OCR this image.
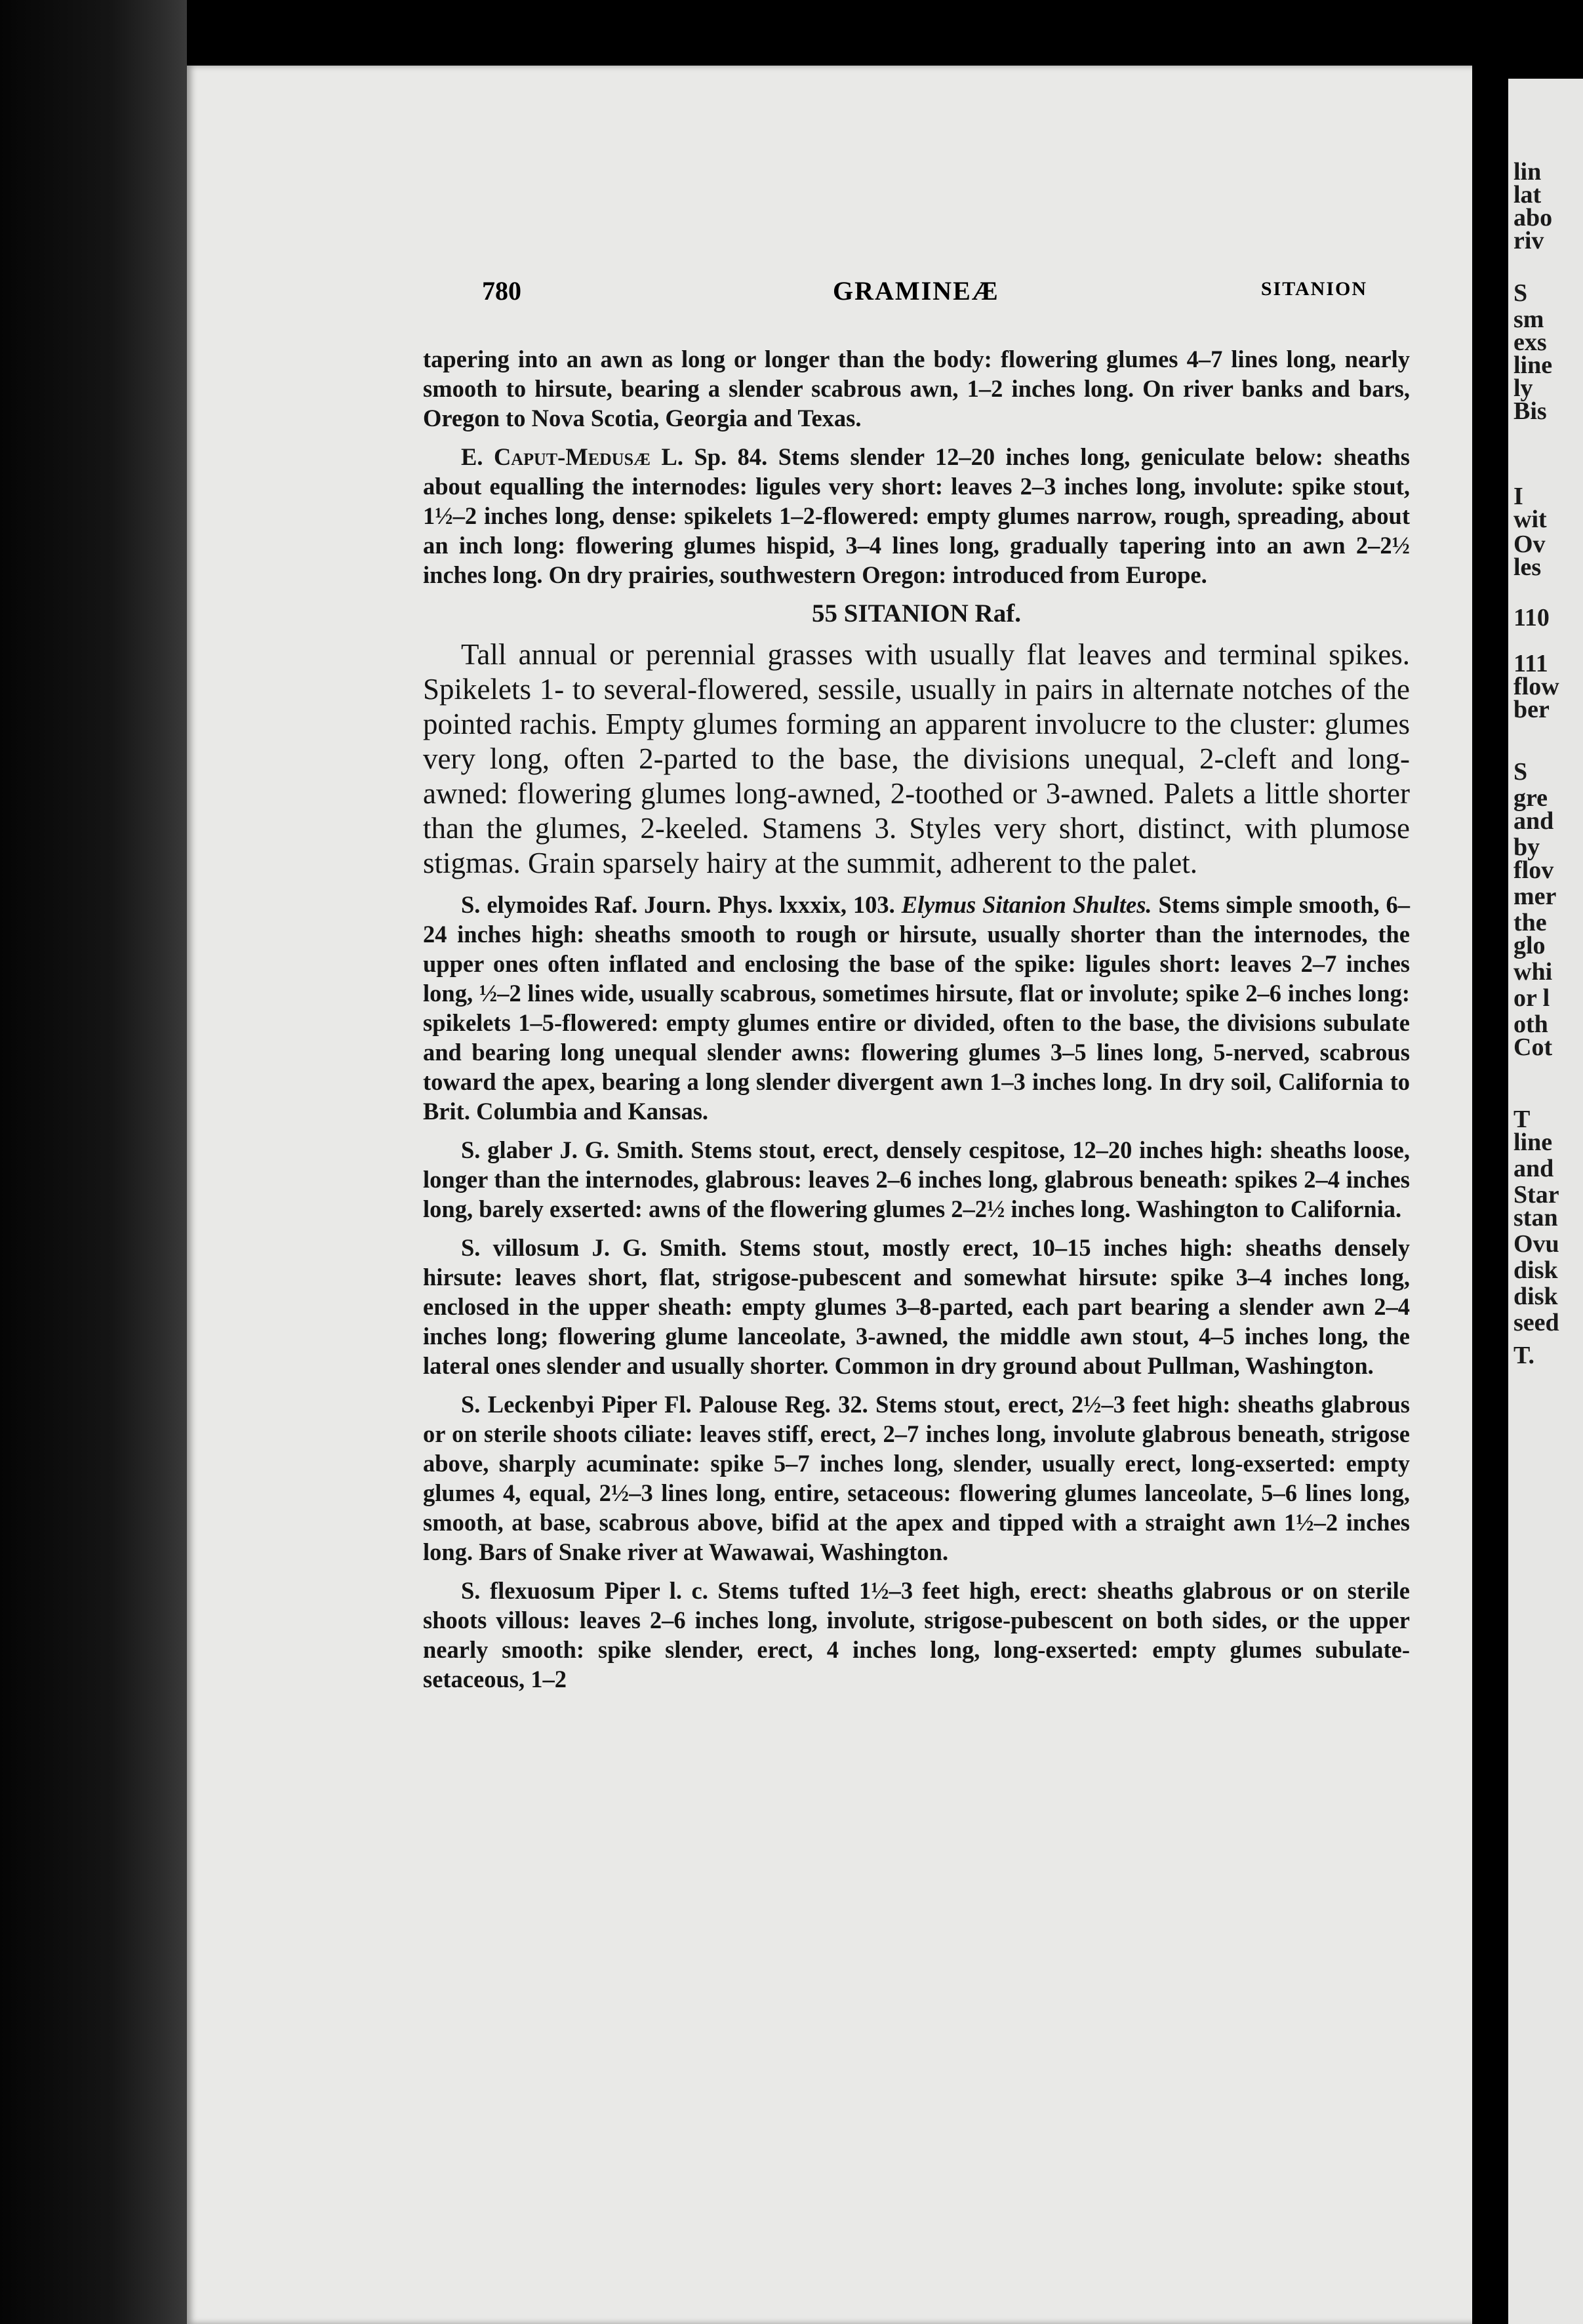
780	GRAMINEÆ	SITANION

tapering into an awn as long or longer than the body: flowering glumes 4–7 lines long, nearly smooth to hirsute, bearing a slender scabrous awn, 1–2 inches long. On river banks and bars, Oregon to Nova Scotia, Georgia and Texas.

E. Caput-Medusæ L. Sp. 84. Stems slender 12–20 inches long, geniculate below: sheaths about equalling the internodes: ligules very short: leaves 2–3 inches long, involute: spike stout, 1½–2 inches long, dense: spikelets 1–2-flowered: empty glumes narrow, rough, spreading, about an inch long: flowering glumes hispid, 3–4 lines long, gradually tapering into an awn 2–2½ inches long. On dry prairies, southwestern Oregon: introduced from Europe.

55 SITANION Raf.

Tall annual or perennial grasses with usually flat leaves and terminal spikes. Spikelets 1- to several-flowered, sessile, usually in pairs in alternate notches of the pointed rachis. Empty glumes forming an apparent involucre to the cluster: glumes very long, often 2-parted to the base, the divisions unequal, 2-cleft and long-awned: flowering glumes long-awned, 2-toothed or 3-awned. Palets a little shorter than the glumes, 2-keeled. Stamens 3. Styles very short, distinct, with plumose stigmas. Grain sparsely hairy at the summit, adherent to the palet.

S. elymoides Raf. Journ. Phys. lxxxix, 103. Elymus Sitanion Shultes. Stems simple smooth, 6–24 inches high: sheaths smooth to rough or hirsute, usually shorter than the internodes, the upper ones often inflated and enclosing the base of the spike: ligules short: leaves 2–7 inches long, ½–2 lines wide, usually scabrous, sometimes hirsute, flat or involute; spike 2–6 inches long: spikelets 1–5-flowered: empty glumes entire or divided, often to the base, the divisions subulate and bearing long unequal slender awns: flowering glumes 3–5 lines long, 5-nerved, scabrous toward the apex, bearing a long slender divergent awn 1–3 inches long. In dry soil, California to Brit. Columbia and Kansas.

S. glaber J. G. Smith. Stems stout, erect, densely cespitose, 12–20 inches high: sheaths loose, longer than the internodes, glabrous: leaves 2–6 inches long, glabrous beneath: spikes 2–4 inches long, barely exserted: awns of the flowering glumes 2–2½ inches long. Washington to California.

S. villosum J. G. Smith. Stems stout, mostly erect, 10–15 inches high: sheaths densely hirsute: leaves short, flat, strigose-pubescent and somewhat hirsute: spike 3–4 inches long, enclosed in the upper sheath: empty glumes 3–8-parted, each part bearing a slender awn 2–4 inches long; flowering glume lanceolate, 3-awned, the middle awn stout, 4–5 inches long, the lateral ones slender and usually shorter. Common in dry ground about Pullman, Washington.

S. Leckenbyi Piper Fl. Palouse Reg. 32. Stems stout, erect, 2½–3 feet high: sheaths glabrous or on sterile shoots ciliate: leaves stiff, erect, 2–7 inches long, involute glabrous beneath, strigose above, sharply acuminate: spike 5–7 inches long, slender, usually erect, long-exserted: empty glumes 4, equal, 2½–3 lines long, entire, setaceous: flowering glumes lanceolate, 5–6 lines long, smooth, at base, scabrous above, bifid at the apex and tipped with a straight awn 1½–2 inches long. Bars of Snake river at Wawawai, Washington.

S. flexuosum Piper l. c. Stems tufted 1½–3 feet high, erect: sheaths glabrous or on sterile shoots villous: leaves 2–6 inches long, involute, strigose-pubescent on both sides, or the upper nearly smooth: spike slender, erect, 4 inches long, long-exserted: empty glumes subulate-setaceous, 1–2

lin
lat
abo
riv
S
sm
exs
line
ly
Bis
I
wit
Ov
les
110
111
flow
ber
S
gre
and
by
flov
mer
the
glo
whi
or l
oth
Cot
T
line
and
Star
stan
Ovu
disk
disk
seed
T.
